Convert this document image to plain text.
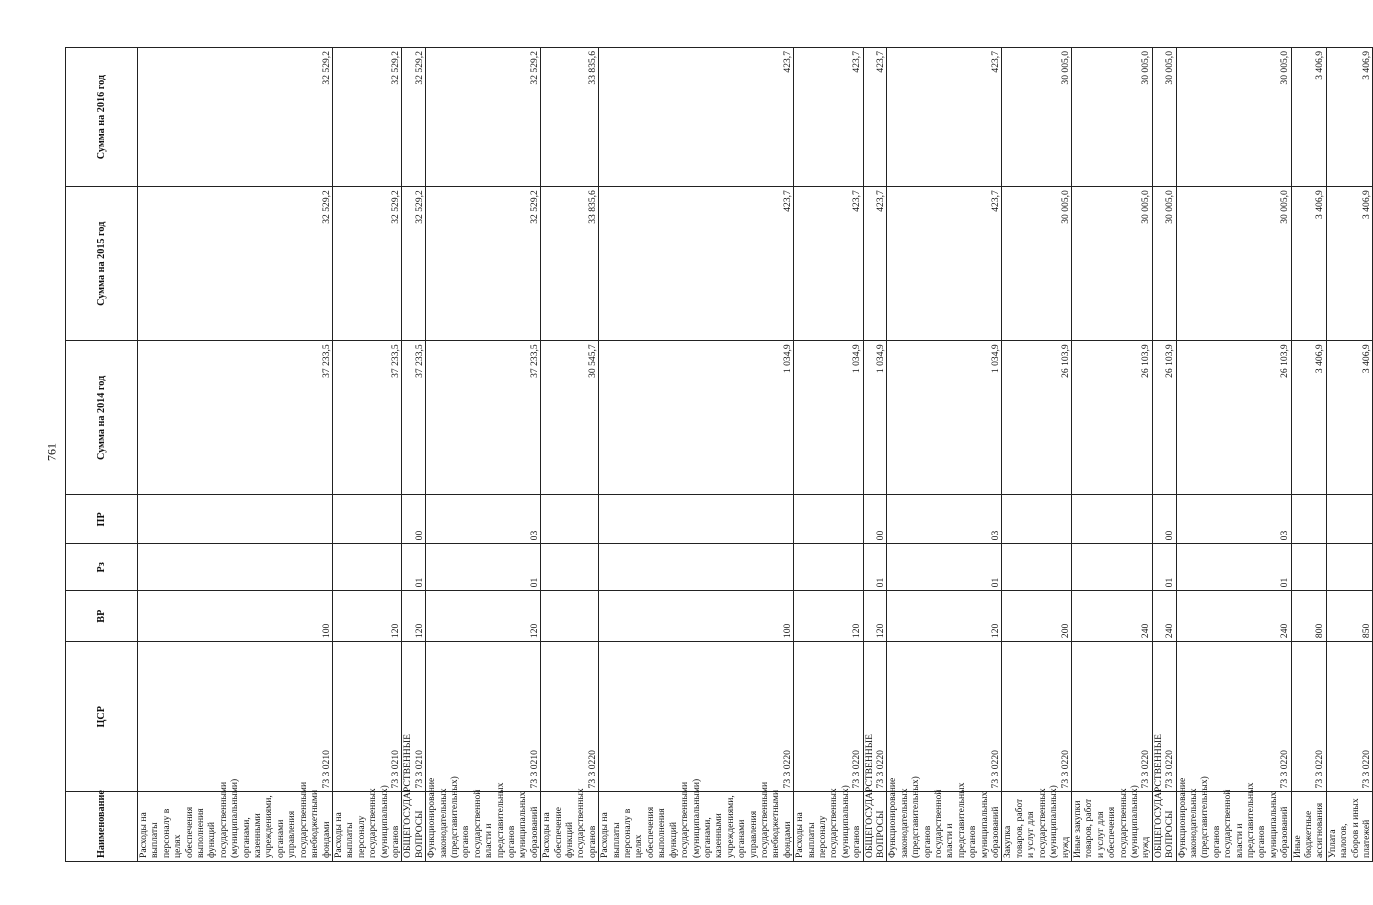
761
Наименование	ЦСР	ВР	Рз	ПР	Сумма на 2014 год	Сумма на 2015 год	Сумма на 2016 год
Расходы на выплаты персоналу в целях обеспечения выполнения функций государственными (муниципальными) органами, казенными учреждениями, органами управления государственными внебюджетными фондами	73 3 0210	100			37 233,5	32 529,2	32 529,2
Расходы на выплаты персоналу государственных (муниципальных) органов	73 3 0210	120			37 233,5	32 529,2	32 529,2
ОБЩЕГОСУДАРСТВЕННЫЕ ВОПРОСЫ	73 3 0210	120	01	00	37 233,5	32 529,2	32 529,2
Функционирование законодательных (представительных) органов государственной власти и представительных органов муниципальных образований	73 3 0210	120	01	03	37 233,5	32 529,2	32 529,2
Расходы на обеспечение функций государственных органов	73 3 0220				30 545,7	33 835,6	33 835,6
Расходы на выплаты персоналу в целях обеспечения выполнения функций государственными (муниципальными) органами, казенными учреждениями, органами управления государственными внебюджетными фондами	73 3 0220	100			1 034,9	423,7	423,7
Расходы на выплаты персоналу государственных (муниципальных) органов	73 3 0220	120			1 034,9	423,7	423,7
ОБЩЕГОСУДАРСТВЕННЫЕ ВОПРОСЫ	73 3 0220	120	01	00	1 034,9	423,7	423,7
Функционирование законодательных (представительных) органов государственной власти и представительных органов муниципальных образований	73 3 0220	120	01	03	1 034,9	423,7	423,7
Закупка товаров, работ и услуг для государственных (муниципальных) нужд	73 3 0220	200			26 103,9	30 005,0	30 005,0
Иные закупки товаров, работ и услуг для обеспечения государственных (муниципальных) нужд	73 3 0220	240			26 103,9	30 005,0	30 005,0
ОБЩЕГОСУДАРСТВЕННЫЕ ВОПРОСЫ	73 3 0220	240	01	00	26 103,9	30 005,0	30 005,0
Функционирование законодательных (представительных) органов государственной власти и представительных органов муниципальных образований	73 3 0220	240	01	03	26 103,9	30 005,0	30 005,0
Иные бюджетные ассигнования	73 3 0220	800			3 406,9	3 406,9	3 406,9
Уплата налогов, сборов и иных платежей	73 3 0220	850			3 406,9	3 406,9	3 406,9
